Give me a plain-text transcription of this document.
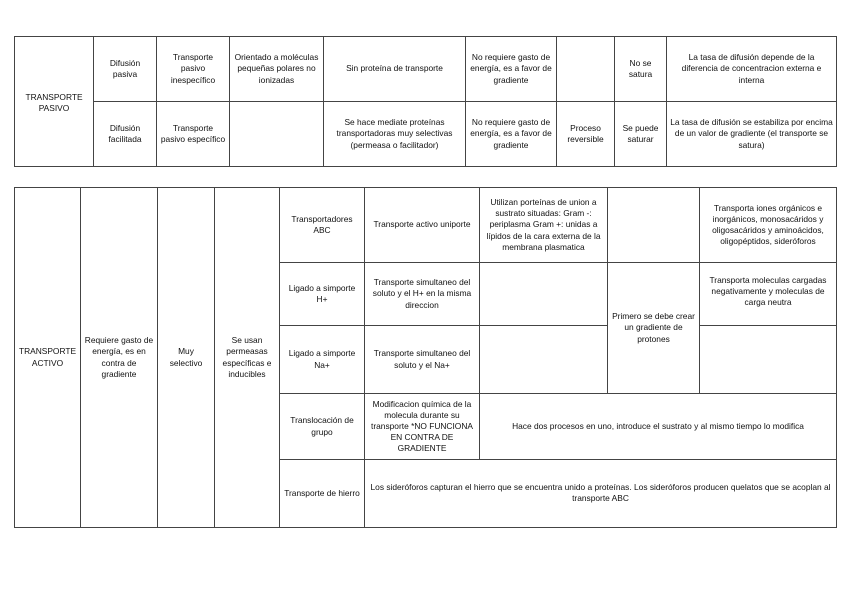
TRANSPORTE PASIVO	Difusión pasiva	Transporte pasivo inespecífico	Orientado a moléculas pequeñas polares no ionizadas	Sin proteína de transporte	No requiere gasto de energía, es a favor de gradiente		No se satura	La tasa de difusión depende de la diferencia de concentracion externa e interna
	Difusión facilitada	Transporte pasivo específico		Se hace mediate proteínas transportadoras muy selectivas (permeasa o facilitador)	No requiere gasto de energía, es a favor de gradiente	Proceso reversible	Se puede saturar	La tasa de difusión se estabiliza por encima de un valor de gradiente (el transporte se satura)
TRANSPORTE ACTIVO	Requiere gasto de energía, es en contra de gradiente	Muy selectivo	Se usan permeasas específicas e inducibles	Transportadores ABC	Transporte activo uniporte	Utilizan porteínas de union a sustrato situadas: Gram -: periplasma Gram +: unidas a lípidos de la cara externa de la membrana plasmatica		Transporta iones orgánicos e inorgánicos, monosacáridos y oligosacáridos y aminoácidos, oligopéptidos, sideróforos
				Ligado a simporte H+	Transporte simultaneo del soluto y el H+ en la misma direccion		Primero se debe crear un gradiente de protones	Transporta moleculas cargadas negativamente y moleculas de carga neutra
				Ligado a simporte Na+	Transporte simultaneo del soluto y el Na+			
				Translocación de grupo	Modificacion química de la molecula durante su transporte *NO FUNCIONA EN CONTRA DE GRADIENTE	Hace dos procesos en uno, introduce el sustrato y al mismo tiempo lo modifica		
				Transporte de hierro	Los sideróforos capturan el hierro que se encuentra unido a proteínas. Los sideróforos producen quelatos que se acoplan al transporte ABC			
